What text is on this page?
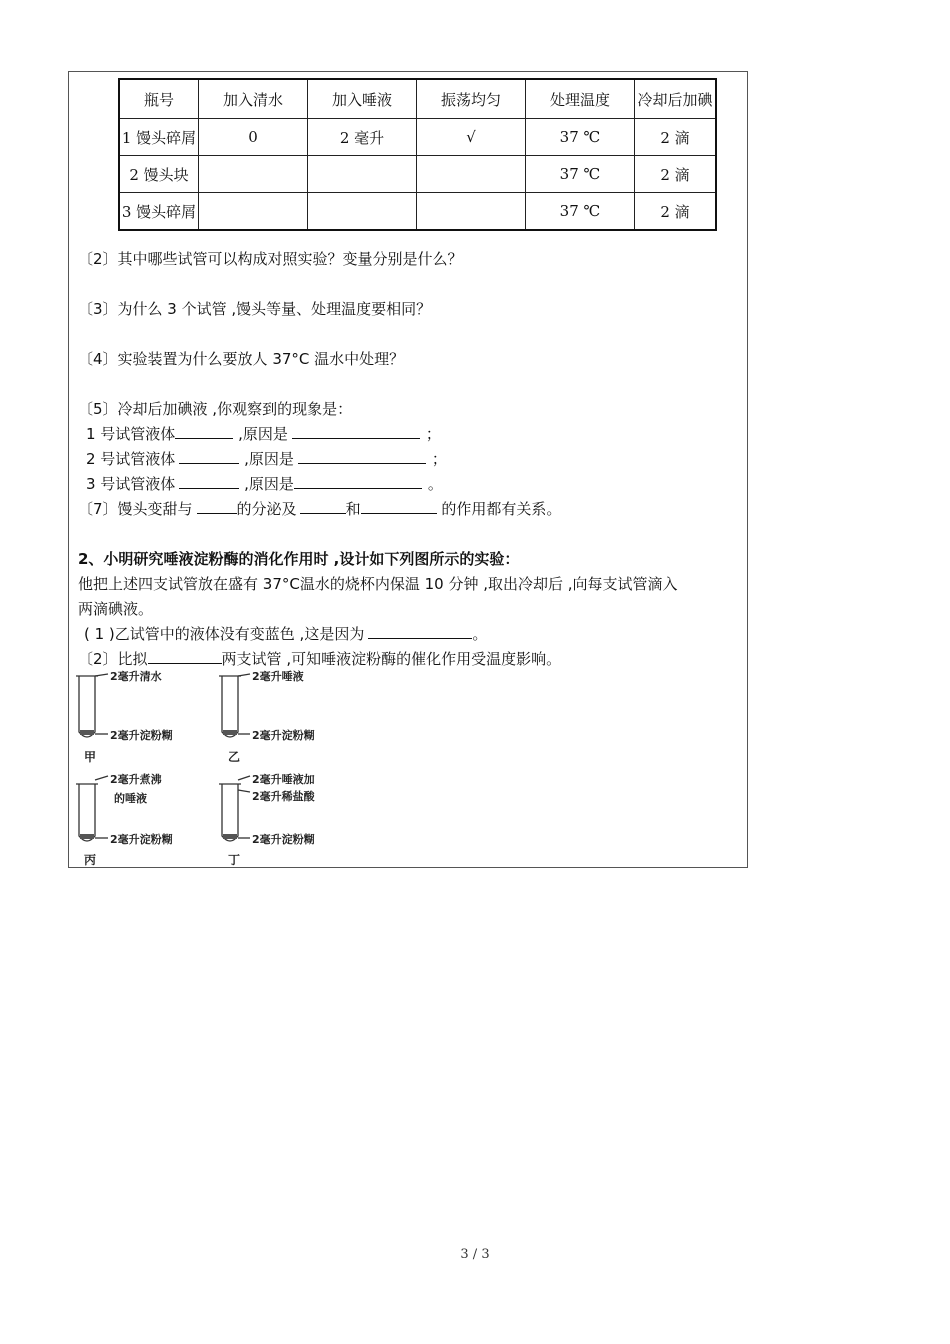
瓶号	加入清水	加入唾液	振荡均匀	处理温度	冷却后加碘
1 馒头碎屑	0	2 毫升	√	37 ℃	2 滴
2 馒头块				37 ℃	2 滴
3 馒头碎屑				37 ℃	2 滴
〔2〕其中哪些试管可以构成对照实验？变量分别是什么？
〔3〕为什么 3 个试管 ,馒头等量、处理温度要相同？
〔4〕实验装置为什么要放人 37°C 温水中处理？
〔5〕冷却后加碘液 ,你观察到的现象是：
1 号试管液体	,原因是	；
2 号试管液体	,原因是	；
3 号试管液体	,原因是	。
〔7〕馒头变甜与	的分泌及	和	的作用都有关系。
2、小明研究唾液淀粉酶的消化作用时 ,设计如下列图所示的实验：
他把上述四支试管放在盛有 37°C温水的烧杯内保温 10 分钟 ,取出冷却后 ,向每支试管滴入
两滴碘液。
( 1 )乙试管中的液体没有变蓝色 ,这是因为	。
〔2〕比拟	两支试管 ,可知唾液淀粉酶的催化作用受温度影响。
2毫升清水
2毫升淀粉糊
甲
2毫升唾液
2毫升淀粉糊
乙
2毫升煮沸
的唾液
2毫升淀粉糊
丙
2毫升唾液加
2毫升稀盐酸
2毫升淀粉糊
丁
3 / 3
